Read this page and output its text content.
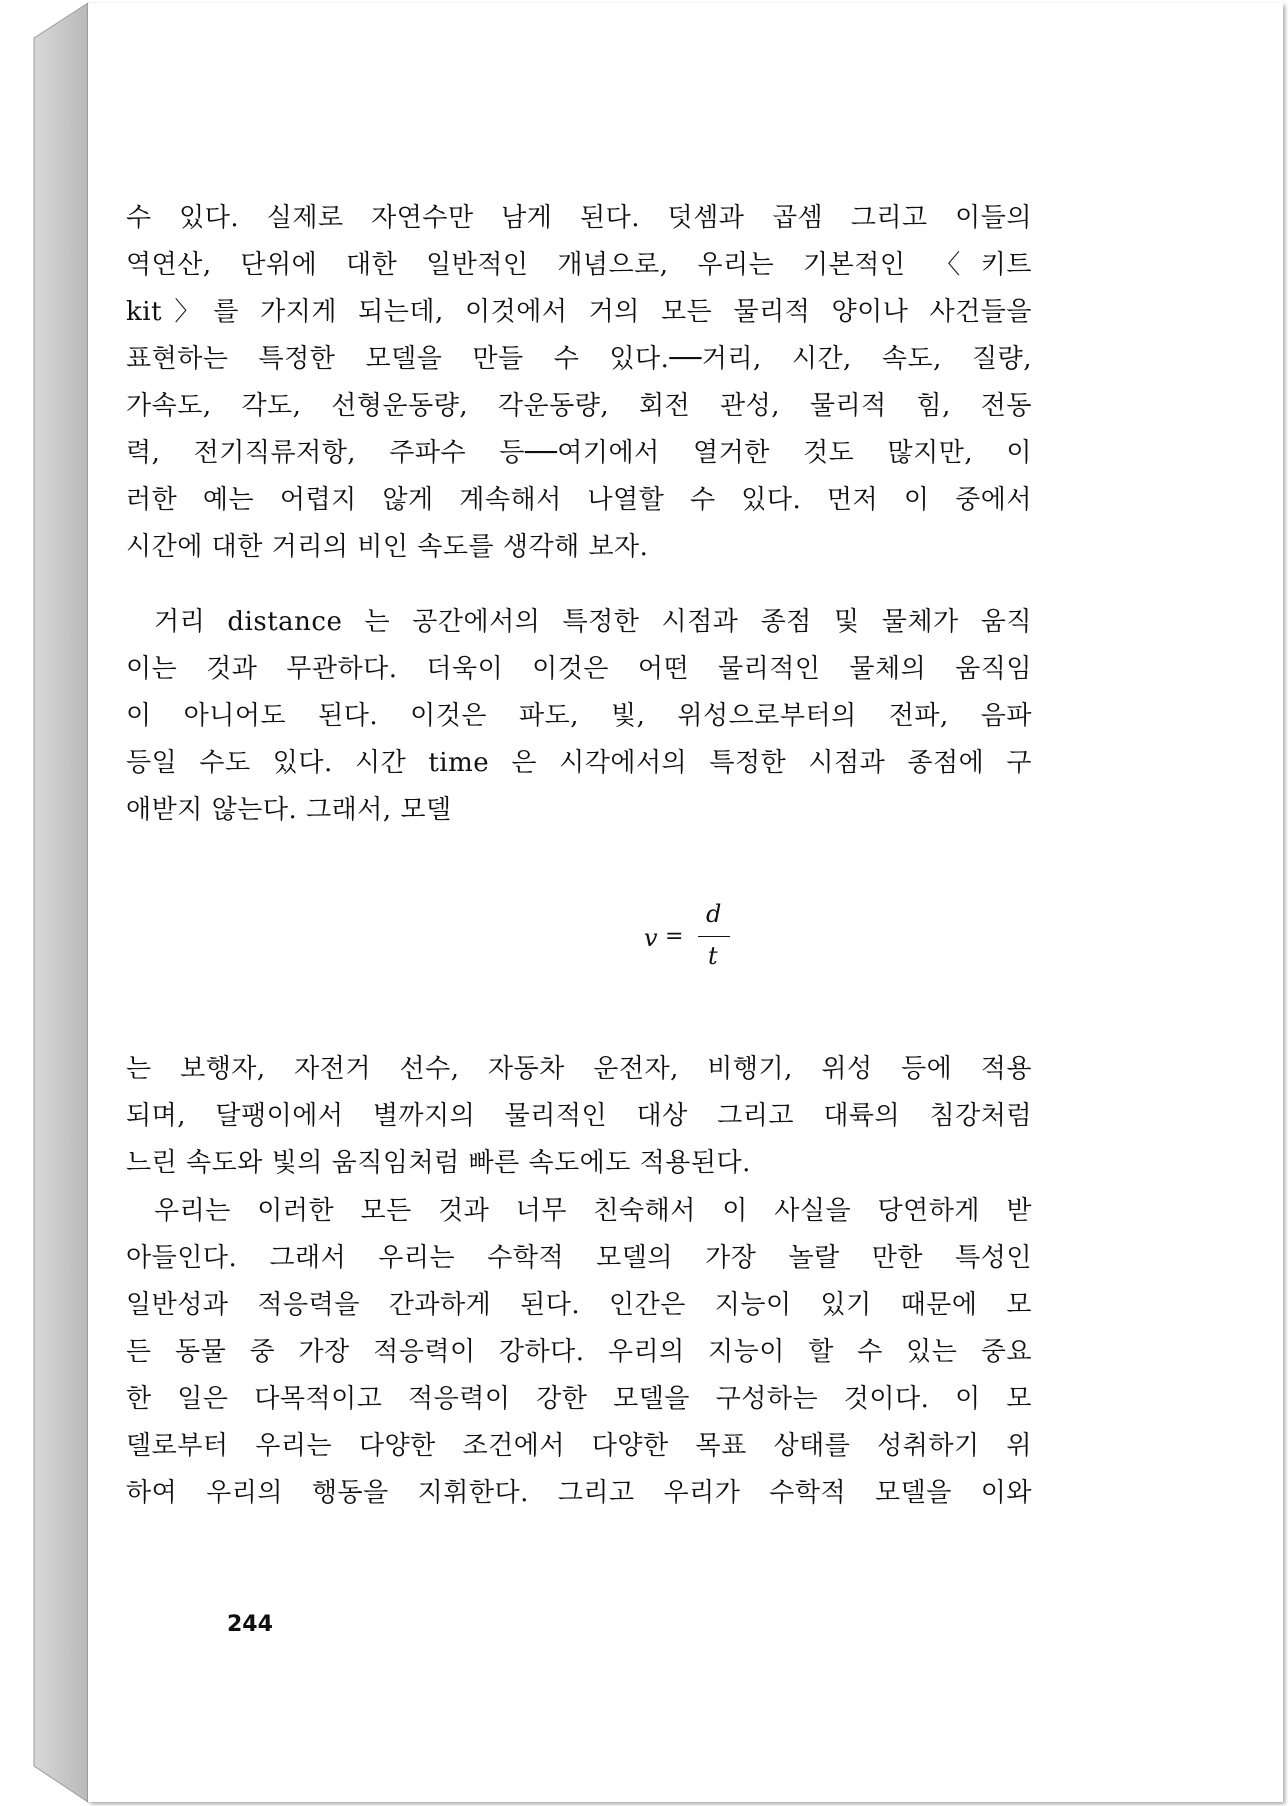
수 있다. 실제로 자연수만 남게 된다. 덧셈과 곱셈 그리고 이들의
역연산, 단위에 대한 일반적인 개념으로, 우리는 기본적인 〈키트
kit〉를 가지게 되는데, 이것에서 거의 모든 물리적 양이나 사건들을
표현하는 특정한 모델을 만들 수 있다.──거리, 시간, 속도, 질량,
가속도, 각도, 선형운동량, 각운동량, 회전 관성, 물리적 힘, 전동
력, 전기직류저항, 주파수 등──여기에서 열거한 것도 많지만, 이
러한 예는 어렵지 않게 계속해서 나열할 수 있다. 먼저 이 중에서
시간에 대한 거리의 비인 속도를 생각해 보자.
거리 distance 는 공간에서의 특정한 시점과 종점 및 물체가 움직
이는 것과 무관하다. 더욱이 이것은 어떤 물리적인 물체의 움직임
이 아니어도 된다. 이것은 파도, 빛, 위성으로부터의 전파, 음파
등일 수도 있다. 시간 time 은 시각에서의 특정한 시점과 종점에 구
애받지 않는다. 그래서, 모델
v =
d
t
는 보행자, 자전거 선수, 자동차 운전자, 비행기, 위성 등에 적용
되며, 달팽이에서 별까지의 물리적인 대상 그리고 대륙의 침강처럼
느린 속도와 빛의 움직임처럼 빠른 속도에도 적용된다.
우리는 이러한 모든 것과 너무 친숙해서 이 사실을 당연하게 받
아들인다. 그래서 우리는 수학적 모델의 가장 놀랄 만한 특성인
일반성과 적응력을 간과하게 된다. 인간은 지능이 있기 때문에 모
든 동물 중 가장 적응력이 강하다. 우리의 지능이 할 수 있는 중요
한 일은 다목적이고 적응력이 강한 모델을 구성하는 것이다. 이 모
델로부터 우리는 다양한 조건에서 다양한 목표 상태를 성취하기 위
하여 우리의 행동을 지휘한다. 그리고 우리가 수학적 모델을 이와
244
